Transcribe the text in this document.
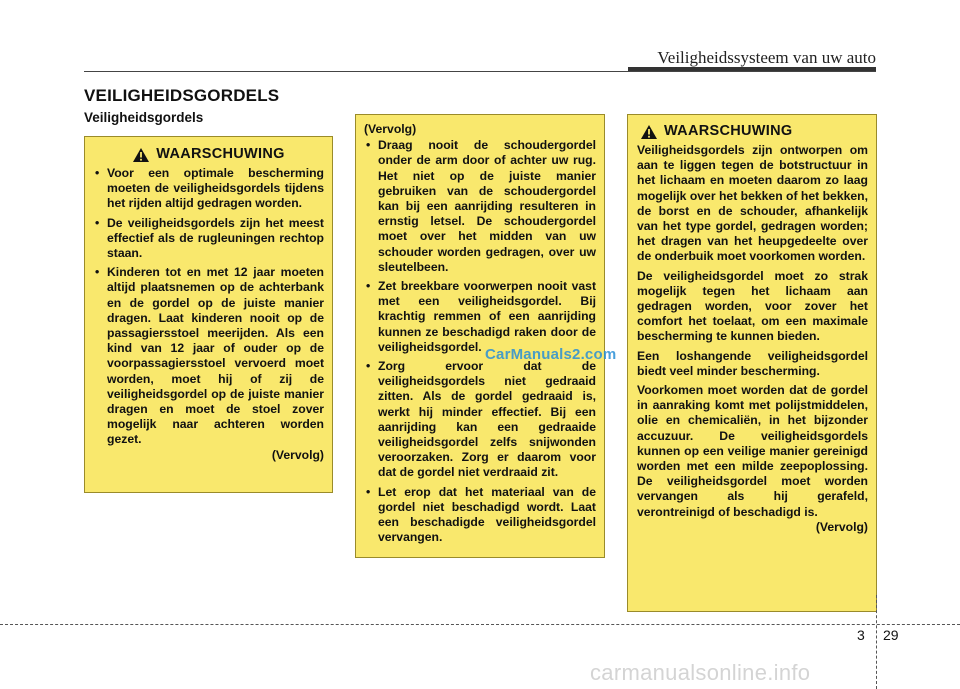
Veiligheidssysteem van uw auto
VEILIGHEIDSGORDELS
Veiligheidsgordels
WAARSCHUWING
• Voor een optimale bescherming moeten de veiligheidsgordels tijdens het rijden altijd gedragen worden.
• De veiligheidsgordels zijn het meest effectief als de rugleuningen rechtop staan.
• Kinderen tot en met 12 jaar moeten altijd plaatsnemen op de achterbank en de gordel op de juiste manier dragen. Laat kinderen nooit op de passagiersstoel meerijden. Als een kind van 12 jaar of ouder op de voorpassagiersstoel vervoerd moet worden, moet hij of zij de veiligheidsgordel op de juiste manier dragen en moet de stoel zover mogelijk naar achteren worden gezet.
(Vervolg)
(Vervolg)
• Draag nooit de schoudergordel onder de arm door of achter uw rug. Het niet op de juiste manier gebruiken van de schoudergordel kan bij een aanrijding resulteren in ernstig letsel. De schoudergordel moet over het midden van uw schouder worden gedragen, over uw sleutelbeen.
• Zet breekbare voorwerpen nooit vast met een veiligheidsgordel. Bij krachtig remmen of een aanrijding kunnen ze beschadigd raken door de veiligheidsgordel.
• Zorg ervoor dat de veiligheidsgordels niet gedraaid zitten. Als de gordel gedraaid is, werkt hij minder effectief. Bij een aanrijding kan een gedraaide veiligheidsgordel zelfs snijwonden veroorzaken. Zorg er daarom voor dat de gordel niet verdraaid zit.
• Let erop dat het materiaal van de gordel niet beschadigd wordt. Laat een beschadigde veiligheidsgordel vervangen.
WAARSCHUWING

Veiligheidsgordels zijn ontworpen om aan te liggen tegen de botstructuur in het lichaam en moeten daarom zo laag mogelijk over het bekken of het bekken, de borst en de schouder, afhankelijk van het type gordel, gedragen worden; het dragen van het heupgedeelte over de onderbuik moet voorkomen worden.

De veiligheidsgordel moet zo strak mogelijk tegen het lichaam aan gedragen worden, voor zover het comfort het toelaat, om een maximale bescherming te kunnen bieden.

Een loshangende veiligheidsgordel biedt veel minder bescherming.

Voorkomen moet worden dat de gordel in aanraking komt met polijstmiddelen, olie en chemicaliën, in het bijzonder accuzuur. De veiligheidsgordels kunnen op een veilige manier gereinigd worden met een milde zeepoplossing. De veiligheidsgordel moet worden vervangen als hij gerafeld, verontreinigd of beschadigd is.

(Vervolg)
CarManuals2.com
3 29
carmanualsonline.info
